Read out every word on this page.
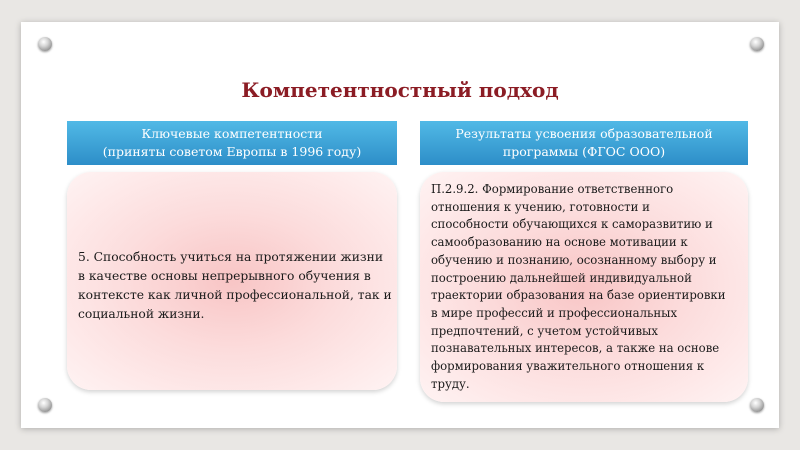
Компетентностный подход
Ключевые компетентности
(приняты советом Европы в 1996 году)
Результаты усвоения образовательной
программы (ФГОС ООО)
5. Способность учиться на протяжении жизни
в качестве основы непрерывного обучения в
контексте как личной профессиональной, так и
социальной жизни.
П.2.9.2. Формирование ответственного
отношения к учению, готовности и
способности обучающихся к саморазвитию и
самообразованию на основе мотивации к
обучению и познанию, осознанному выбору и
построению дальнейшей индивидуальной
траектории образования на базе ориентировки
в мире профессий и профессиональных
предпочтений, с учетом устойчивых
познавательных интересов, а также на основе
формирования уважительного отношения к
труду.
